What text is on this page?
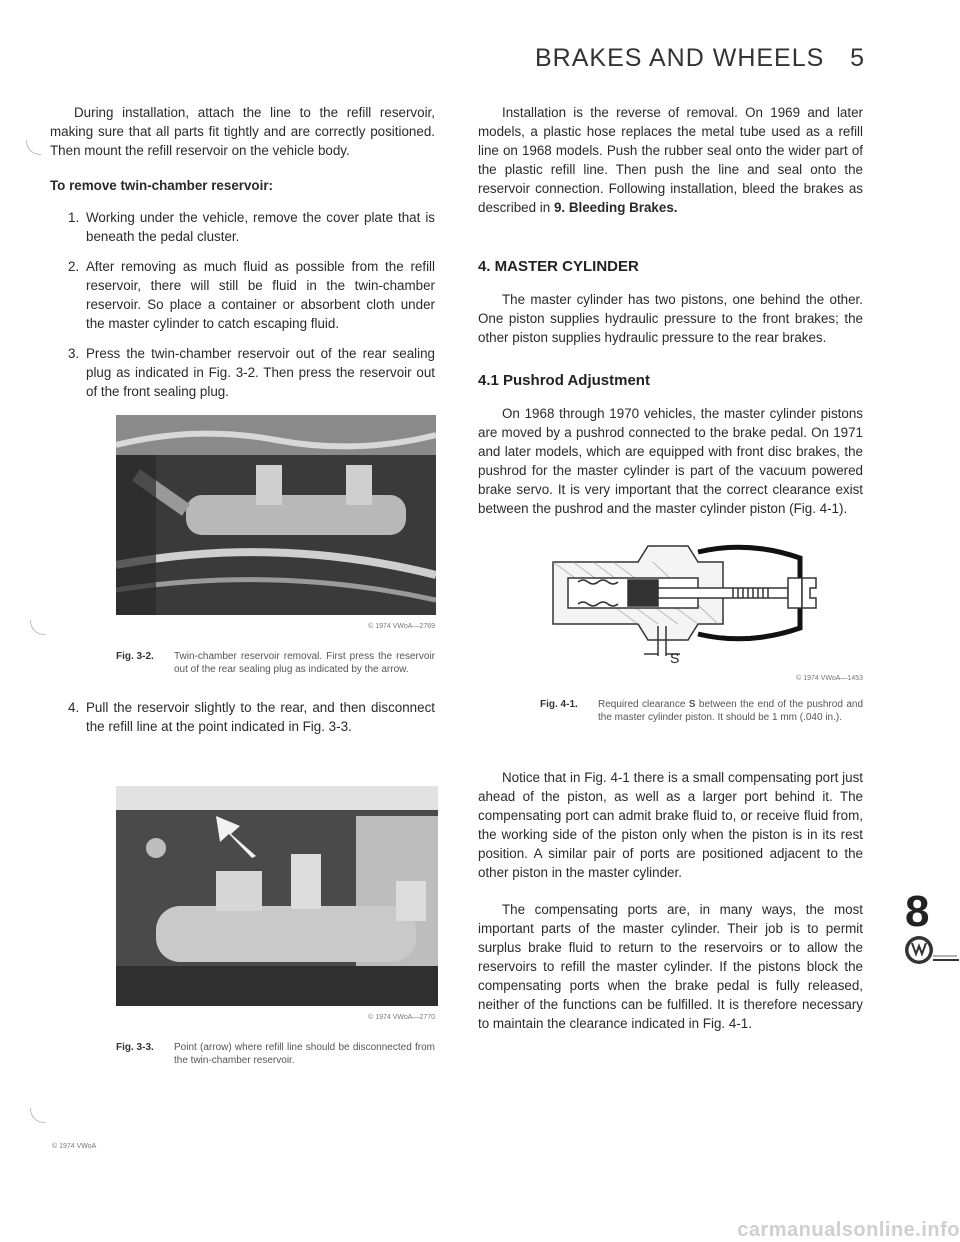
BRAKES AND WHEELS 5

During installation, attach the line to the refill reservoir, making sure that all parts fit tightly and are correctly positioned. Then mount the refill reservoir on the vehicle body.

To remove twin-chamber reservoir:

1. Working under the vehicle, remove the cover plate that is beneath the pedal cluster.
2. After removing as much fluid as possible from the refill reservoir, there will still be fluid in the twin-chamber reservoir. So place a container or absorbent cloth under the master cylinder to catch escaping fluid.
3. Press the twin-chamber reservoir out of the rear sealing plug as indicated in Fig. 3-2. Then press the reservoir out of the front sealing plug.
© 1974 VWoA—2769
Fig. 3-2.	Twin-chamber reservoir removal. First press the reservoir out of the rear sealing plug as indicated by the arrow.
4. Pull the reservoir slightly to the rear, and then disconnect the refill line at the point indicated in Fig. 3-3.
© 1974 VWoA—2770
Fig. 3-3.	Point (arrow) where refill line should be disconnected from the twin-chamber reservoir.
© 1974 VWoA

Installation is the reverse of removal. On 1969 and later models, a plastic hose replaces the metal tube used as a refill line on 1968 models. Push the rubber seal onto the wider part of the plastic refill line. Then push the line and seal onto the reservoir connection. Following installation, bleed the brakes as described in 9. Bleeding Brakes.

4. MASTER CYLINDER

The master cylinder has two pistons, one behind the other. One piston supplies hydraulic pressure to the front brakes; the other piston supplies hydraulic pressure to the rear brakes.

4.1 Pushrod Adjustment

On 1968 through 1970 vehicles, the master cylinder pistons are moved by a pushrod connected to the brake pedal. On 1971 and later models, which are equipped with front disc brakes, the pushrod for the master cylinder is part of the vacuum powered brake servo. It is very important that the correct clearance exist between the pushrod and the master cylinder piston (Fig. 4-1).

S
© 1974 VWoA—1453
Fig. 4-1.	Required clearance S between the end of the pushrod and the master cylinder piston. It should be 1 mm (.040 in.).

Notice that in Fig. 4-1 there is a small compensating port just ahead of the piston, as well as a larger port behind it. The compensating port can admit brake fluid to, or receive fluid from, the working side of the piston only when the piston is in its rest position. A similar pair of ports are positioned adjacent to the other piston in the master cylinder.

The compensating ports are, in many ways, the most important parts of the master cylinder. Their job is to permit surplus brake fluid to return to the reservoirs or to allow the reservoirs to refill the master cylinder. If the pistons block the compensating ports when the brake pedal is fully released, neither of the functions can be fulfilled. It is therefore necessary to maintain the clearance indicated in Fig. 4-1.

8
carmanualsonline.info
